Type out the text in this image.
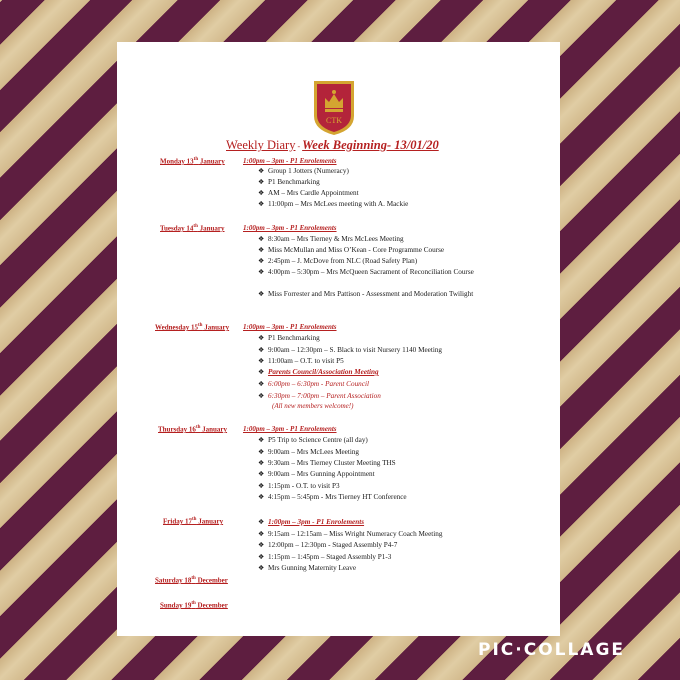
CTK
Weekly Diary - Week Beginning- 13/01/20
Monday 13th January	1:00pm – 3pm - P1 Enrolements
❖ Group 1 Jotters (Numeracy)
❖ P1 Benchmarking
❖ AM – Mrs Cardle Appointment
❖ 11:00pm – Mrs McLees meeting with A. Mackie
Tuesday 14th January	1:00pm – 3pm - P1 Enrolements
❖ 8:30am – Mrs Tierney & Mrs McLees Meeting
❖ Miss McMullan and Miss O’Kean - Core Programme Course
❖ 2:45pm – J. McDove from NLC (Road Safety Plan)
❖ 4:00pm – 5:30pm – Mrs McQueen Sacrament of Reconciliation Course
❖ Miss Forrester and Mrs Pattison - Assessment and Moderation Twilight
Wednesday 15th January 1:00pm – 3pm - P1 Enrolements
❖ P1 Benchmarking
❖ 9:00am – 12:30pm – S. Black to visit Nursery 1140 Meeting
❖ 11:00am – O.T. to visit P5
❖ Parents Council/Association Meeting
❖ 6:00pm – 6:30pm - Parent Council
❖ 6:30pm – 7:00pm – Parent Association
(All new members welcome!)
Thursday 16th January 1:00pm – 3pm - P1 Enrolements
❖ P5 Trip to Science Centre (all day)
❖ 9:00am – Mrs McLees Meeting
❖ 9:30am – Mrs Tierney Cluster Meeting THS
❖ 9:00am – Mrs Gunning Appointment
❖ 1:15pm - O.T. to visit P3
❖ 4:15pm – 5:45pm - Mrs Tierney HT Conference
Friday 17th January	❖ 1:00pm – 3pm - P1 Enrolements
❖ 9:15am – 12:15am – Miss Wright Numeracy Coach Meeting
❖ 12:00pm – 12:30pm - Staged Assembly P4-7
❖ 1:15pm – 1:45pm – Staged Assembly P1-3
❖ Mrs Gunning Maternity Leave
Saturday 18th December
Sunday 19th December
PIC·COLLAGE
